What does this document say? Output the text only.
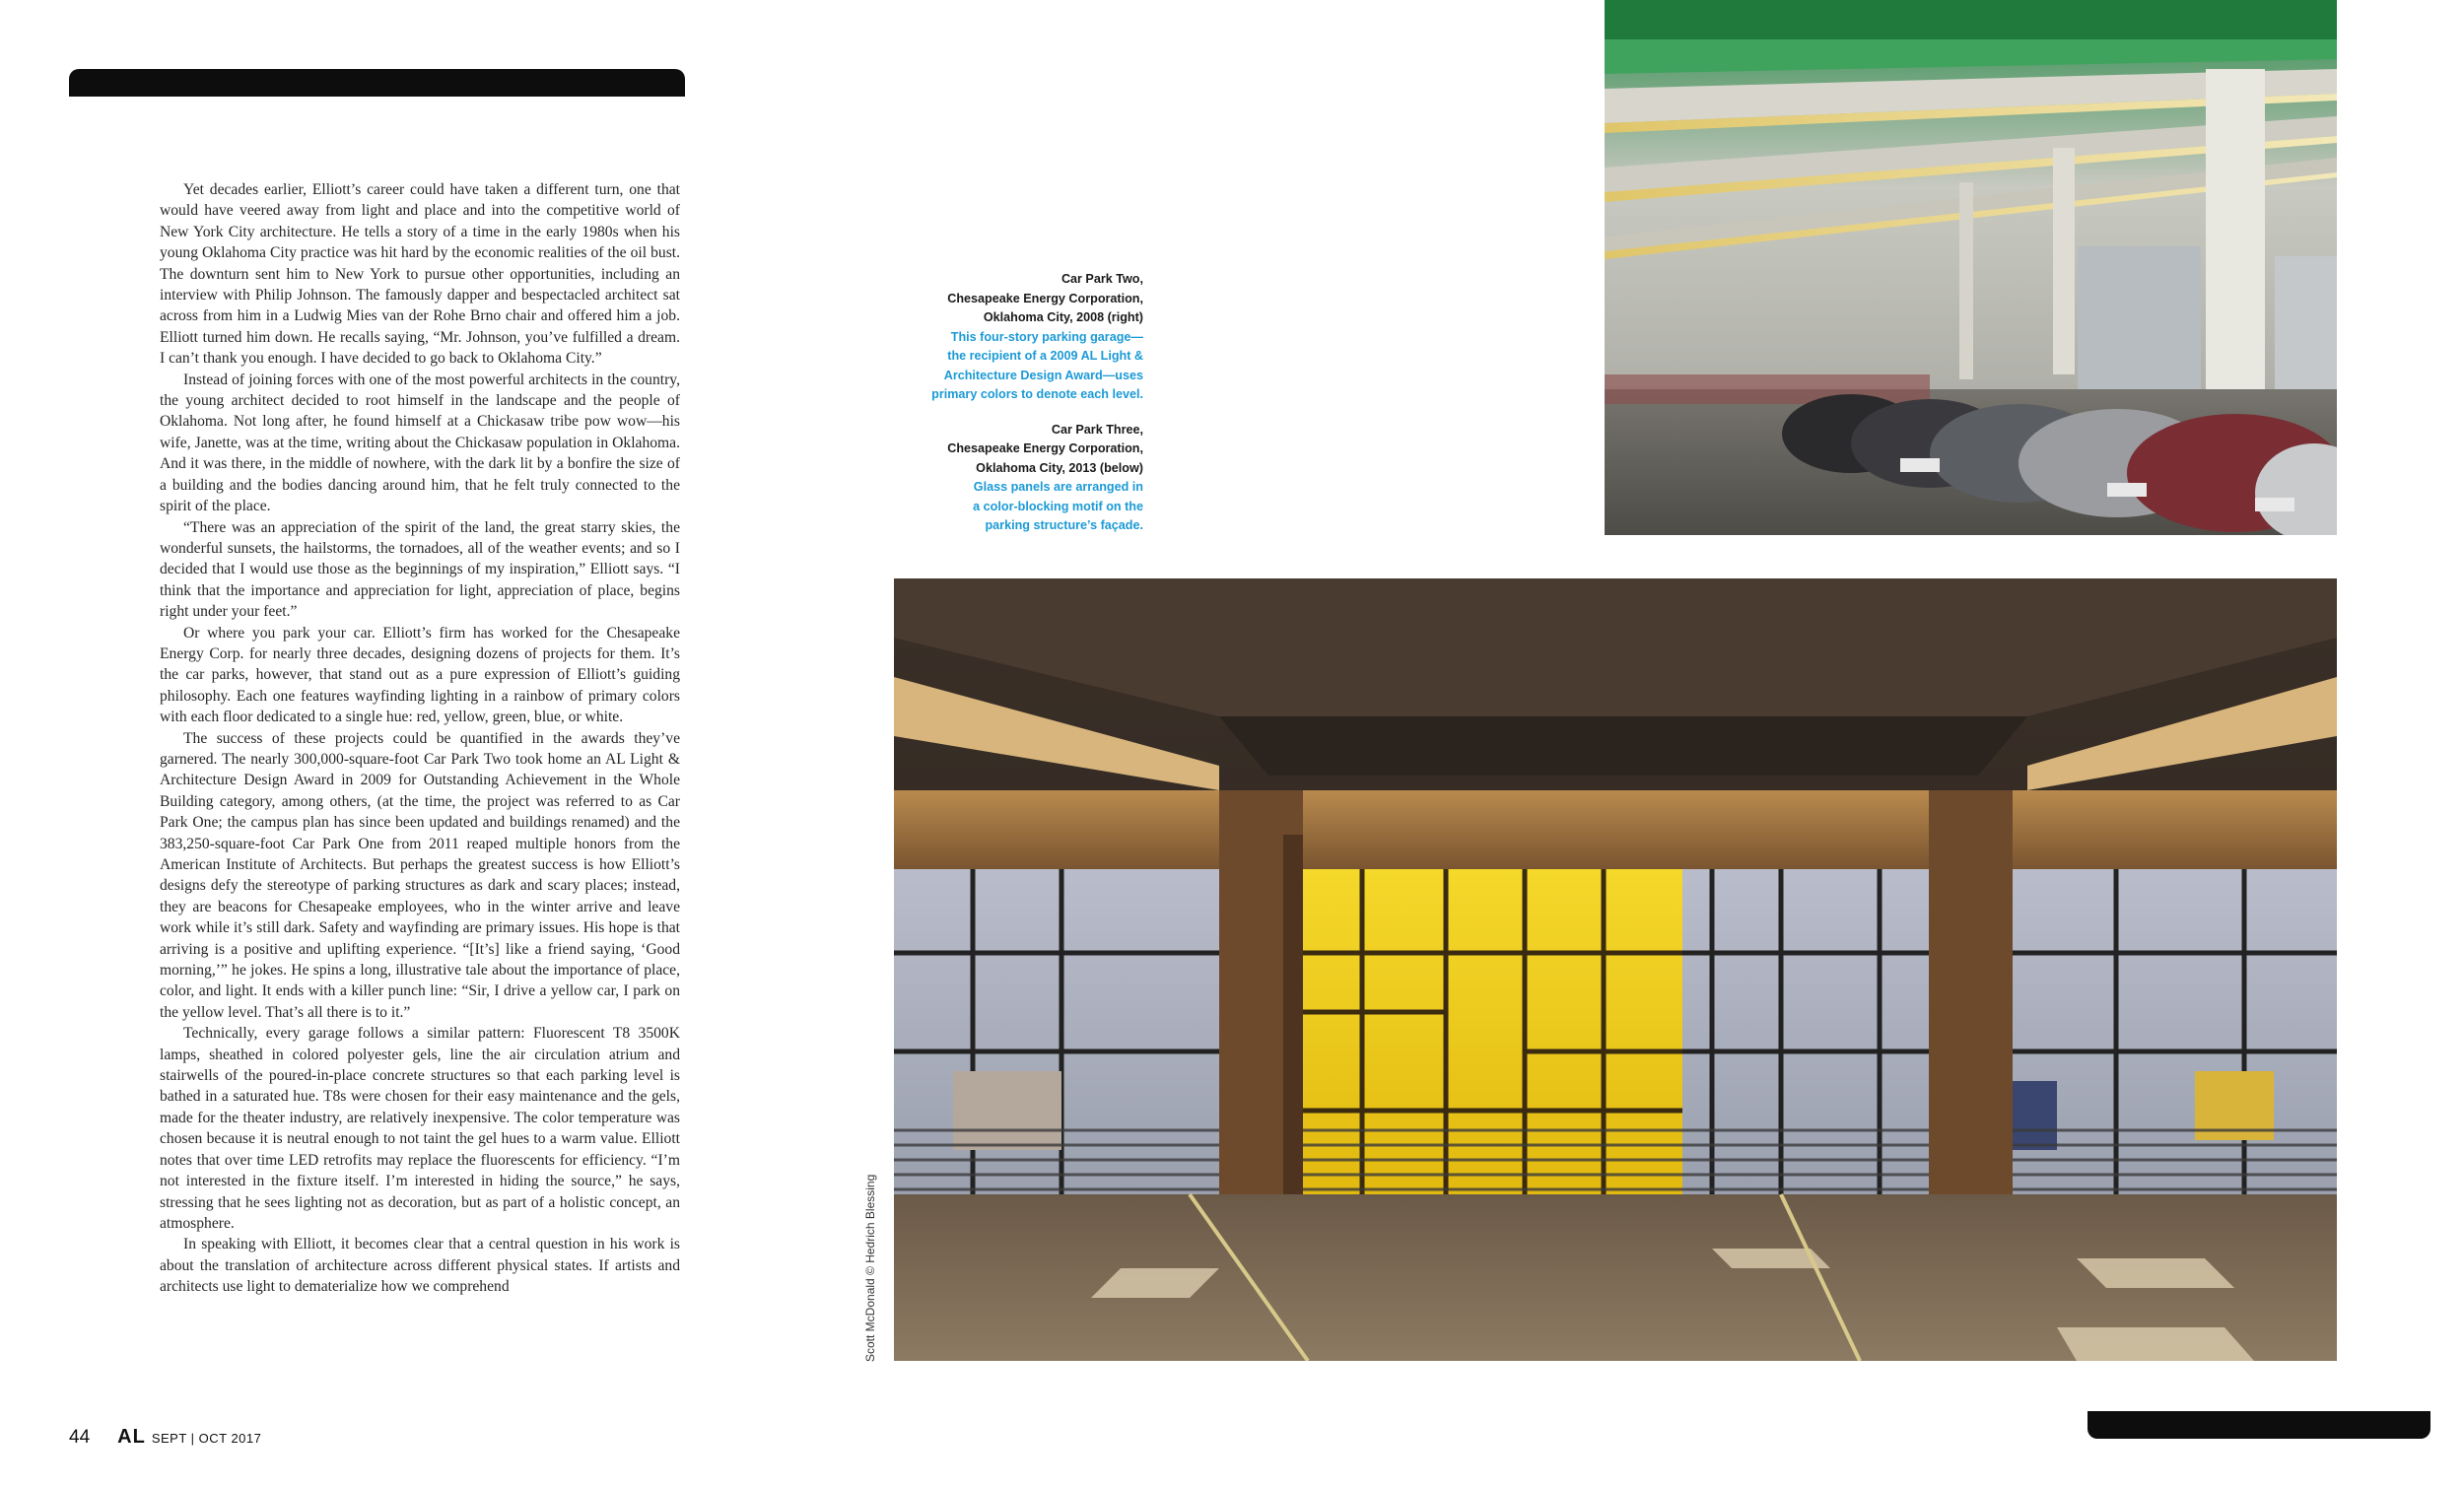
Yet decades earlier, Elliott’s career could have taken a different turn, one that would have veered away from light and place and into the competitive world of New York City architecture. He tells a story of a time in the early 1980s when his young Oklahoma City practice was hit hard by the economic realities of the oil bust. The downturn sent him to New York to pursue other opportunities, including an interview with Philip Johnson. The famously dapper and bespectacled architect sat across from him in a Ludwig Mies van der Rohe Brno chair and offered him a job. Elliott turned him down. He recalls saying, “Mr. Johnson, you’ve fulfilled a dream. I can’t thank you enough. I have decided to go back to Oklahoma City.”

Instead of joining forces with one of the most powerful architects in the country, the young architect decided to root himself in the landscape and the people of Oklahoma. Not long after, he found himself at a Chickasaw tribe pow wow—his wife, Janette, was at the time, writing about the Chickasaw population in Oklahoma. And it was there, in the middle of nowhere, with the dark lit by a bonfire the size of a building and the bodies dancing around him, that he felt truly connected to the spirit of the place.

“There was an appreciation of the spirit of the land, the great starry skies, the wonderful sunsets, the hailstorms, the tornadoes, all of the weather events; and so I decided that I would use those as the beginnings of my inspiration,” Elliott says. “I think that the importance and appreciation for light, appreciation of place, begins right under your feet.”

Or where you park your car. Elliott’s firm has worked for the Chesapeake Energy Corp. for nearly three decades, designing dozens of projects for them. It’s the car parks, however, that stand out as a pure expression of Elliott’s guiding philosophy. Each one features wayfinding lighting in a rainbow of primary colors with each floor dedicated to a single hue: red, yellow, green, blue, or white.

The success of these projects could be quantified in the awards they’ve garnered. The nearly 300,000-square-foot Car Park Two took home an AL Light & Architecture Design Award in 2009 for Outstanding Achievement in the Whole Building category, among others, (at the time, the project was referred to as Car Park One; the campus plan has since been updated and buildings renamed) and the 383,250-square-foot Car Park One from 2011 reaped multiple honors from the American Institute of Architects. But perhaps the greatest success is how Elliott’s designs defy the stereotype of parking structures as dark and scary places; instead, they are beacons for Chesapeake employees, who in the winter arrive and leave work while it’s still dark. Safety and wayfinding are primary issues. His hope is that arriving is a positive and uplifting experience. “[It’s] like a friend saying, ‘Good morning,’” he jokes. He spins a long, illustrative tale about the importance of place, color, and light. It ends with a killer punch line: “Sir, I drive a yellow car, I park on the yellow level. That’s all there is to it.”

Technically, every garage follows a similar pattern: Fluorescent T8 3500K lamps, sheathed in colored polyester gels, line the air circulation atrium and stairwells of the poured-in-place concrete structures so that each parking level is bathed in a saturated hue. T8s were chosen for their easy maintenance and the gels, made for the theater industry, are relatively inexpensive. The color temperature was chosen because it is neutral enough to not taint the gel hues to a warm value. Elliott notes that over time LED retrofits may replace the fluorescents for efficiency. “I’m not interested in the fixture itself. I’m interested in hiding the source,” he says, stressing that he sees lighting not as decoration, but as part of a holistic concept, an atmosphere.

In speaking with Elliott, it becomes clear that a central question in his work is about the translation of architecture across different physical states. If artists and architects use light to dematerialize how we comprehend

Car Park Two,
Chesapeake Energy Corporation,
Oklahoma City, 2008 (right)
This four-story parking garage—
the recipient of a 2009 AL Light &
Architecture Design Award—uses
primary colors to denote each level.
Car Park Three,
Chesapeake Energy Corporation,
Oklahoma City, 2013 (below)
Glass panels are arranged in
a color-blocking motif on the
parking structure’s façade.
Scott McDonald © Hedrich Blessing
44 AL SEPT | OCT 2017
